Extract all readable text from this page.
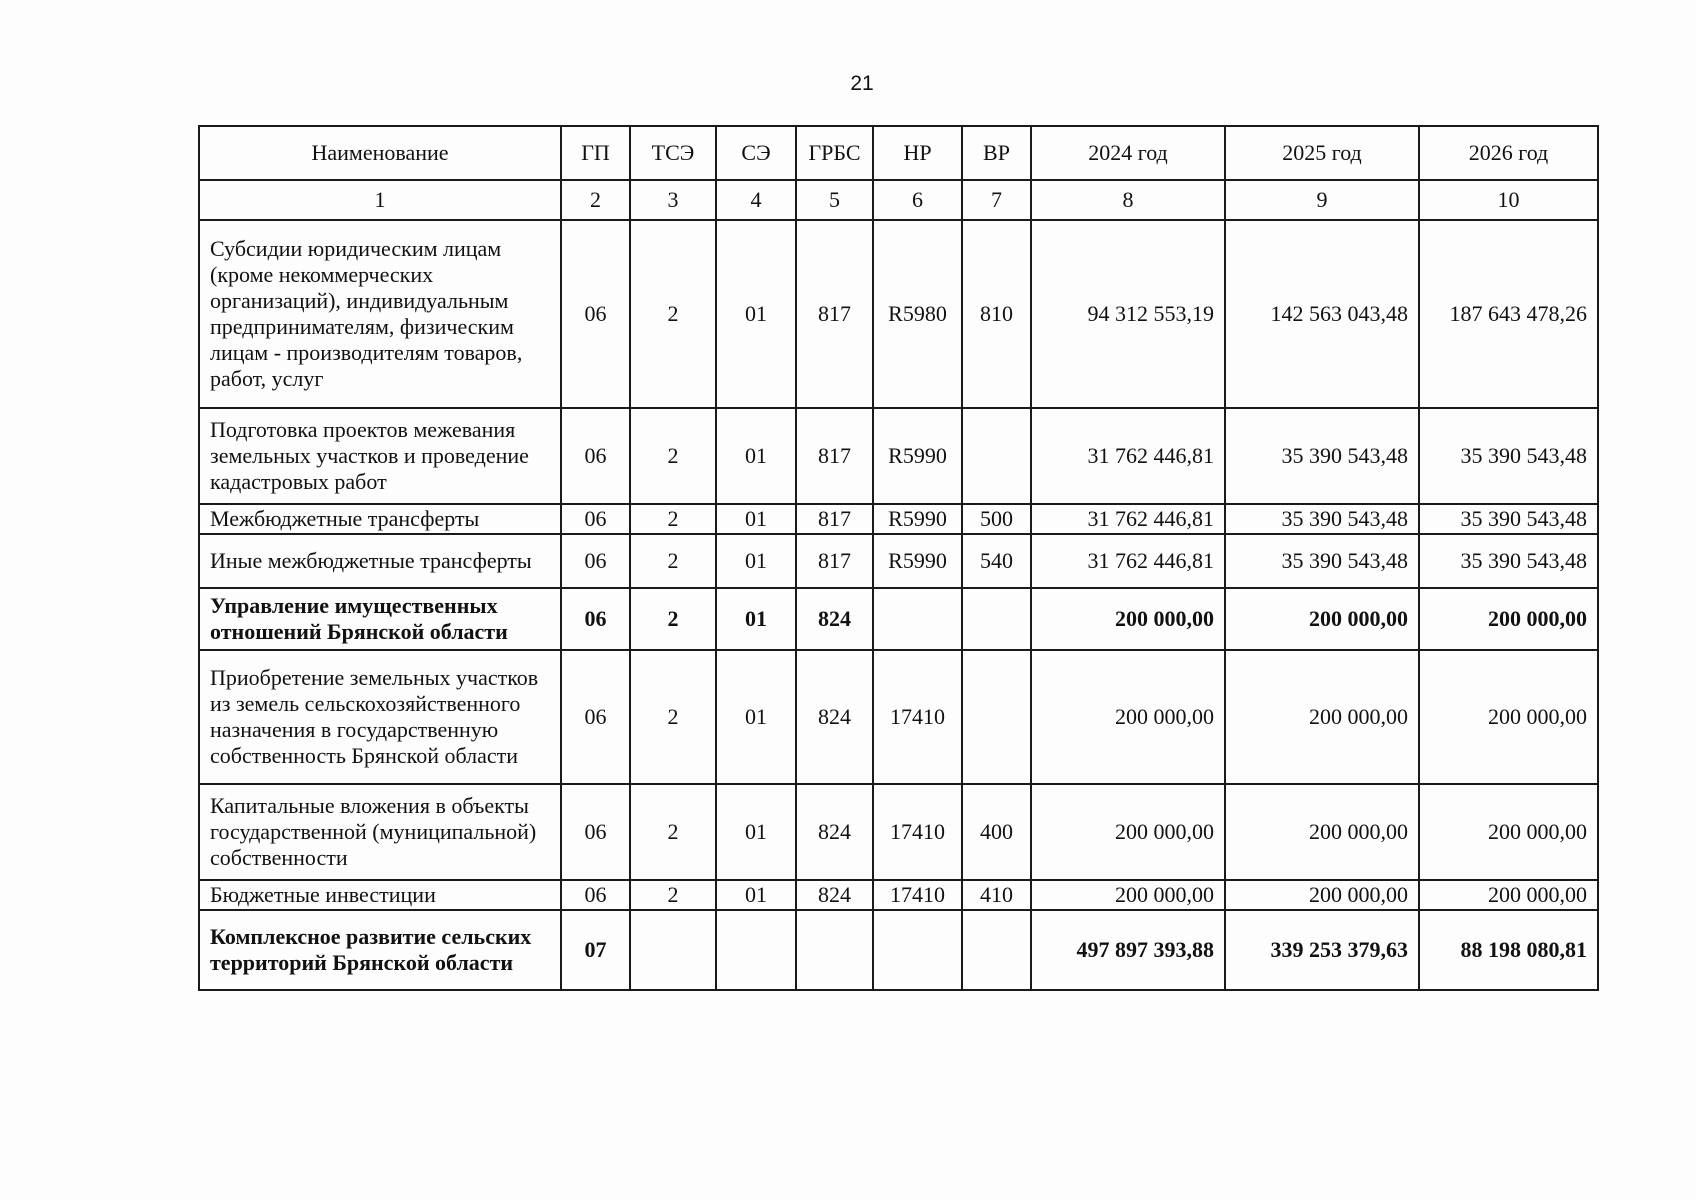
21
Наименование	ГП	ТСЭ	СЭ	ГРБС	НР	ВР	2024 год	2025 год	2026 год
1	2	3	4	5	6	7	8	9	10
Субсидии юридическим лицам (кроме некоммерческих организаций), индивидуальным предпринимателям, физическим лицам - производителям товаров, работ, услуг	06	2	01	817	R5980	810	94 312 553,19	142 563 043,48	187 643 478,26
Подготовка проектов межевания земельных участков и проведение кадастровых работ	06	2	01	817	R5990		31 762 446,81	35 390 543,48	35 390 543,48
Межбюджетные трансферты	06	2	01	817	R5990	500	31 762 446,81	35 390 543,48	35 390 543,48
Иные межбюджетные трансферты	06	2	01	817	R5990	540	31 762 446,81	35 390 543,48	35 390 543,48
Управление имущественных отношений Брянской области	06	2	01	824			200 000,00	200 000,00	200 000,00
Приобретение земельных участков из земель сельскохозяйственного назначения в государственную собственность Брянской области	06	2	01	824	17410		200 000,00	200 000,00	200 000,00
Капитальные вложения в объекты государственной (муниципальной) собственности	06	2	01	824	17410	400	200 000,00	200 000,00	200 000,00
Бюджетные инвестиции	06	2	01	824	17410	410	200 000,00	200 000,00	200 000,00
Комплексное развитие сельских территорий Брянской области	07						497 897 393,88	339 253 379,63	88 198 080,81
